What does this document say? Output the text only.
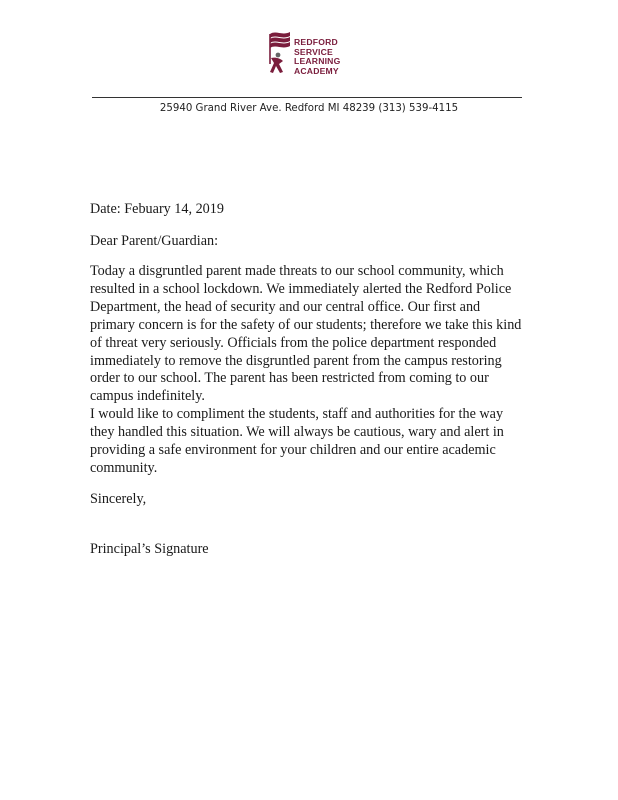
REDFORD
SERVICE
LEARNING
ACADEMY
25940 Grand River Ave. Redford MI 48239 (313) 539-4115
Date: Febuary 14, 2019
Dear Parent/Guardian:
Today a disgruntled parent made threats to our school community, which
resulted in a school lockdown. We immediately alerted the Redford Police
Department, the head of security and our central office. Our first and
primary concern is for the safety of our students; therefore we take this kind
of threat very seriously. Officials from the police department responded
immediately to remove the disgruntled parent from the campus restoring
order to our school. The parent has been restricted from coming to our
campus indefinitely.
I would like to compliment the students, staff and authorities for the way
they handled this situation. We will always be cautious, wary and alert in
providing a safe environment for your children and our entire academic
community.
Sincerely,
Principal’s Signature
